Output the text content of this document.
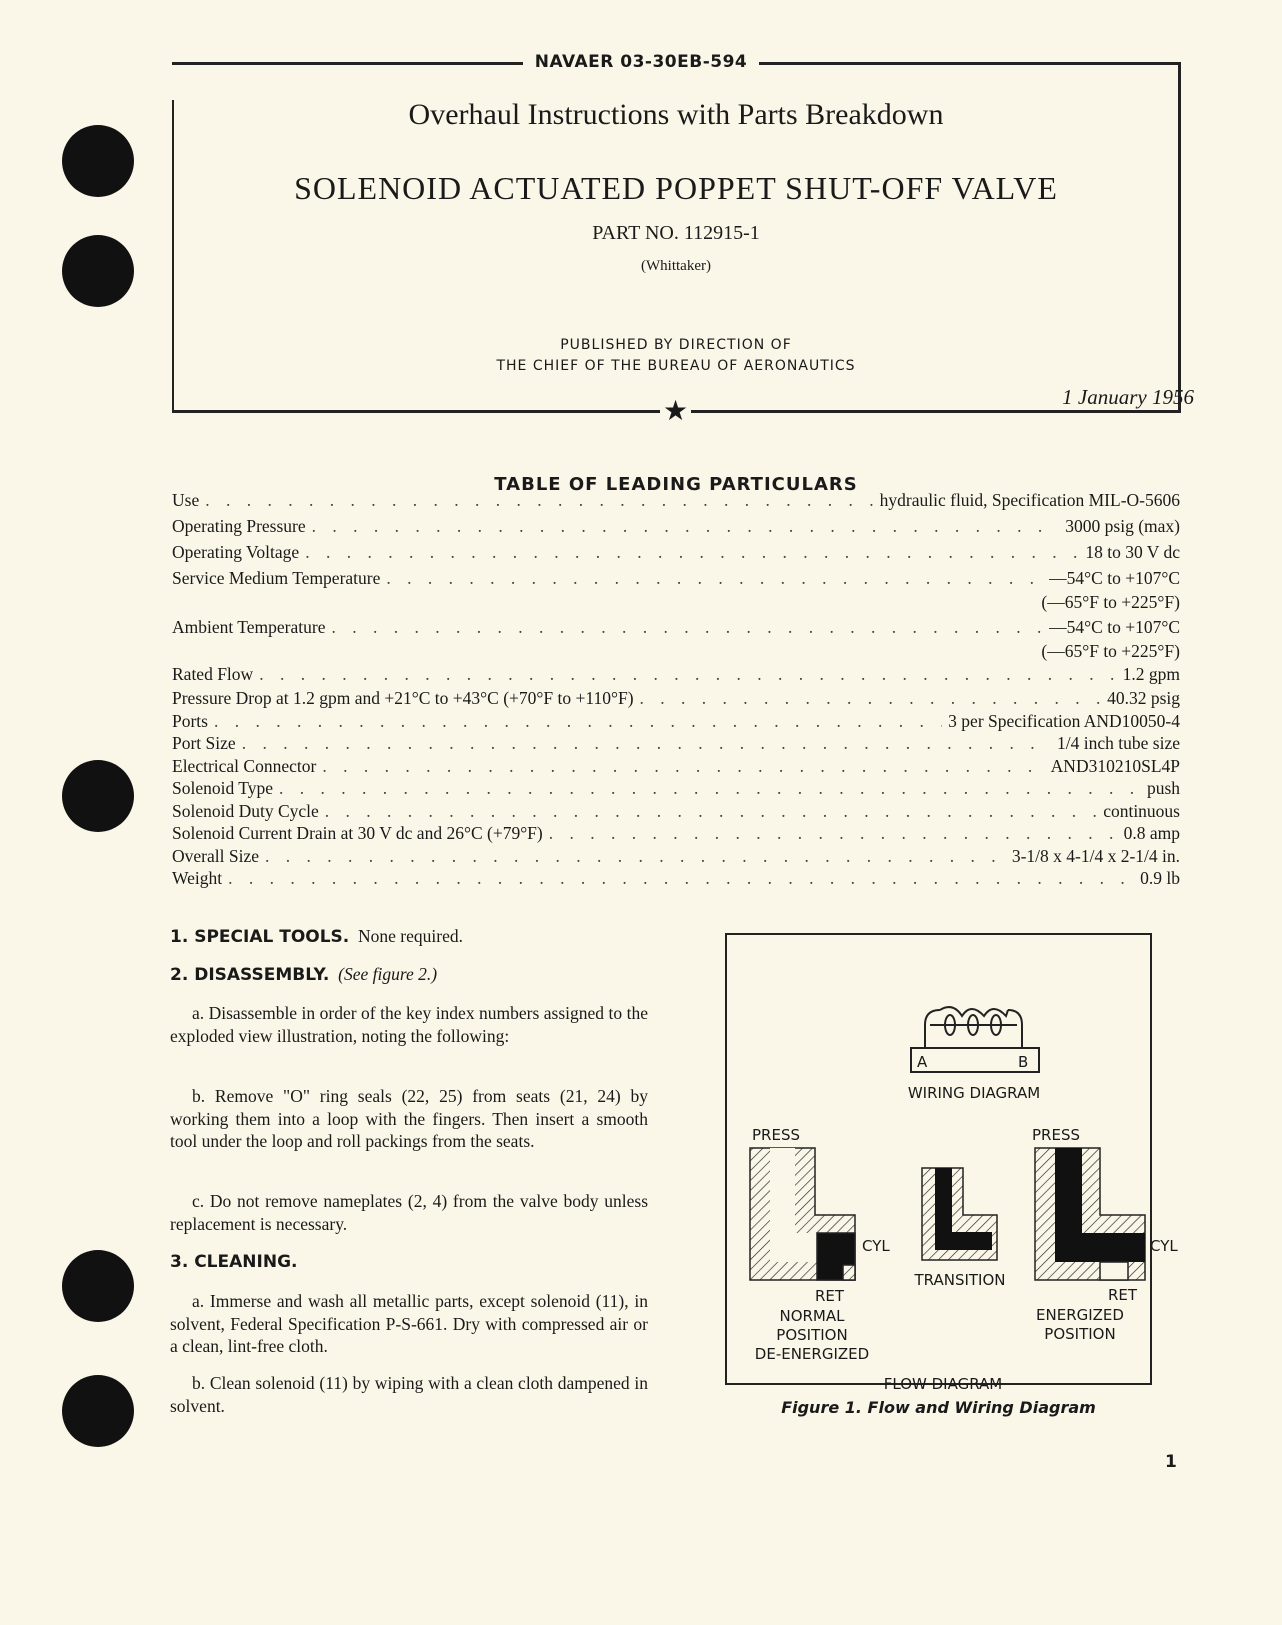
NAVAER 03-30EB-594
Overhaul Instructions with Parts Breakdown
SOLENOID ACTUATED POPPET SHUT-OFF VALVE
PART NO. 112915-1
(Whittaker)
PUBLISHED BY DIRECTION OF
THE CHIEF OF THE BUREAU OF AERONAUTICS
1 January 1956
★
TABLE OF LEADING PARTICULARS
Use . . .	hydraulic fluid, Specification MIL-O-5606
Operating Pressure . . .	3000 psig (max)
Operating Voltage . . .	18 to 30 V dc
Service Medium Temperature . . .	—54°C to +107°C
(—65°F to +225°F)
Ambient Temperature . . .	—54°C to +107°C
(—65°F to +225°F)
Rated Flow . . .	1.2 gpm
Pressure Drop at 1.2 gpm and +21°C to +43°C (+70°F to +110°F) . . .	40.32 psig
Ports . . .	3 per Specification AND10050-4
Port Size . . .	1/4 inch tube size
Electrical Connector . . .	AND310210SL4P
Solenoid Type . . .	push
Solenoid Duty Cycle . . .	continuous
Solenoid Current Drain at 30 V dc and 26°C (+79°F) . . .	0.8 amp
Overall Size . . .	3-1/8 x 4-1/4 x 2-1/4 in.
Weight . . .	0.9 lb
1. SPECIAL TOOLS. None required.
2. DISASSEMBLY. (See figure 2.)
a. Disassemble in order of the key index numbers assigned to the exploded view illustration, noting the following:
b. Remove "O" ring seals (22, 25) from seats (21, 24) by working them into a loop with the fingers. Then insert a smooth tool under the loop and roll packings from the seats.
c. Do not remove nameplates (2, 4) from the valve body unless replacement is necessary.
3. CLEANING.
a. Immerse and wash all metallic parts, except solenoid (11), in solvent, Federal Specification P-S-661. Dry with compressed air or a clean, lint-free cloth.
b. Clean solenoid (11) by wiping with a clean cloth dampened in solvent.
A	B
WIRING DIAGRAM
PRESS
CYL
RET
NORMAL
POSITION
DE-ENERGIZED
TRANSITION
PRESS
CYL
RET
ENERGIZED
POSITION
FLOW DIAGRAM
Figure 1. Flow and Wiring Diagram
1
